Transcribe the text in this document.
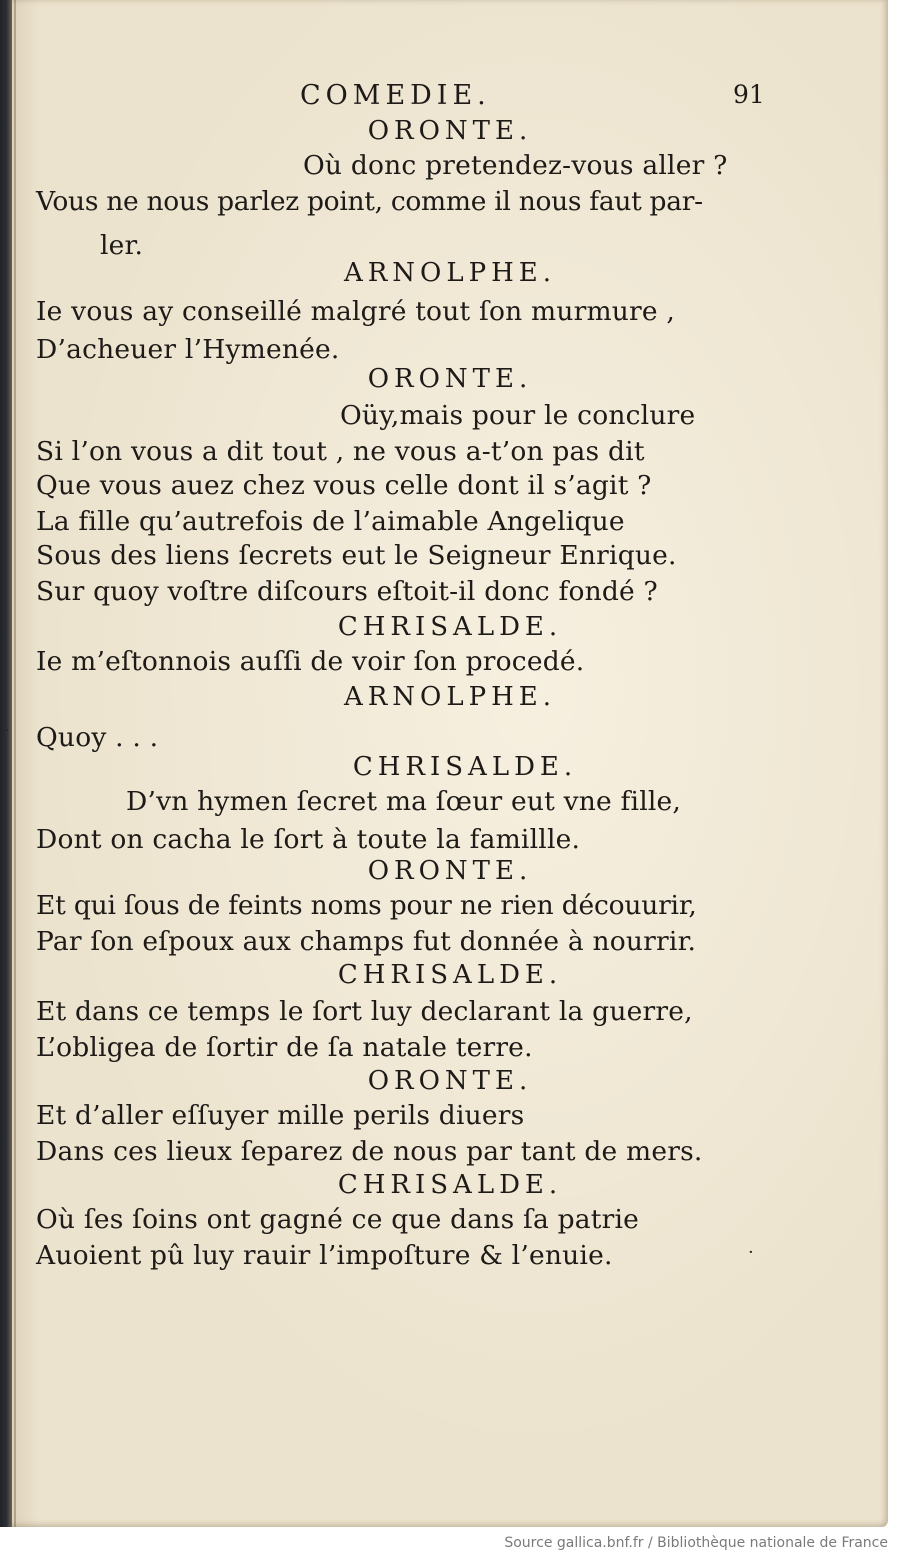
COMEDIE.	91
ORONTE.
Où donc pretendez-vous aller ?
Vous ne nous parlez point, comme il nous faut par-
ler.
ARNOLPHE.
Ie vous ay conseillé malgré tout ſon murmure ,
D’acheuer l’Hymenée.
ORONTE.
Oüy,mais pour le conclure
Si l’on vous a dit tout , ne vous a-t’on pas dit
Que vous auez chez vous celle dont il s’agit ?
La fille qu’autrefois de l’aimable Angelique
Sous des liens ſecrets eut le Seigneur Enrique.
Sur quoy voſtre diſcours eſtoit-il donc fondé ?
CHRISALDE.
Ie m’eſtonnois auſſi de voir ſon procedé.
ARNOLPHE.
Quoy . . .
CHRISALDE.
D’vn hymen ſecret ma ſœur eut vne fille,
Dont on cacha le ſort à toute la famillle.
ORONTE.
Et qui ſous de feints noms pour ne rien découurir,
Par ſon eſpoux aux champs fut donnée à nourrir.
CHRISALDE.
Et dans ce temps le ſort luy declarant la guerre,
L’obligea de ſortir de ſa natale terre.
ORONTE.
Et d’aller eſſuyer mille perils diuers
Dans ces lieux ſeparez de nous par tant de mers.
CHRISALDE.
Où ſes ſoins ont gagné ce que dans ſa patrie
Auoient pû luy rauir l’impoſture & l’enuie.
·
·
·
Source gallica.bnf.fr / Bibliothèque nationale de France
